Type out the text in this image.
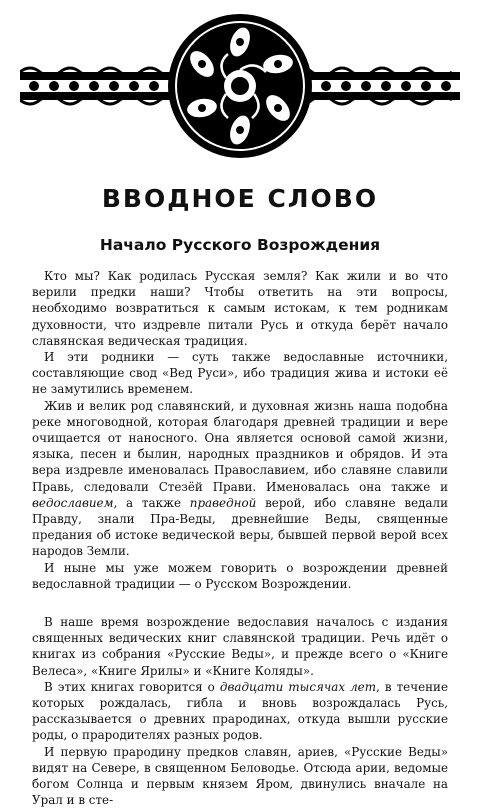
ВВОДНОЕ СЛОВО
Начало Русского Возрождения

Кто мы? Как родилась Русская земля? Как жили и во что верили предки наши? Чтобы ответить на эти вопросы, необходимо возвратиться к самым истокам, к тем родникам духовности, что издревле питали Русь и откуда берёт начало славянская ведическая традиция.

И эти родники — суть также ведославные источники, составляющие свод «Вед Руси», ибо традиция жива и истоки её не замутились временем.

Жив и велик род славянский, и духовная жизнь наша подобна реке многоводной, которая благодаря древней традиции и вере очищается от наносного. Она является основой самой жизни, языка, песен и былин, народных праздников и обрядов. И эта вера издревле именовалась Православием, ибо славяне славили Правь, следовали Стезёй Прави. Именовалась она также и ведославием, а также праведной верой, ибо славяне ведали Правду, знали Пра-Веды, древнейшие Веды, священные предания об истоке ведической веры, бывшей первой верой всех народов Земли.

И ныне мы уже можем говорить о возрождении древней ведославной традиции — о Русском Возрождении.

В наше время возрождение ведославия началось с издания священных ведических книг славянской традиции. Речь идёт о книгах из собрания «Русские Веды», и прежде всего о «Книге Велеса», «Книге Ярилы» и «Книге Коляды».

В этих книгах говорится о двадцати тысячах лет, в течение которых рождалась, гибла и вновь возрождалась Русь, рассказывается о древних прародинах, откуда вышли русские роды, о прародителях разных родов.

И первую прародину предков славян, ариев, «Русские Веды» видят на Севере, в священном Беловодье. Отсюда арии, ведомые богом Солнца и первым князем Яром, двинулись вначале на Урал и в сте-
